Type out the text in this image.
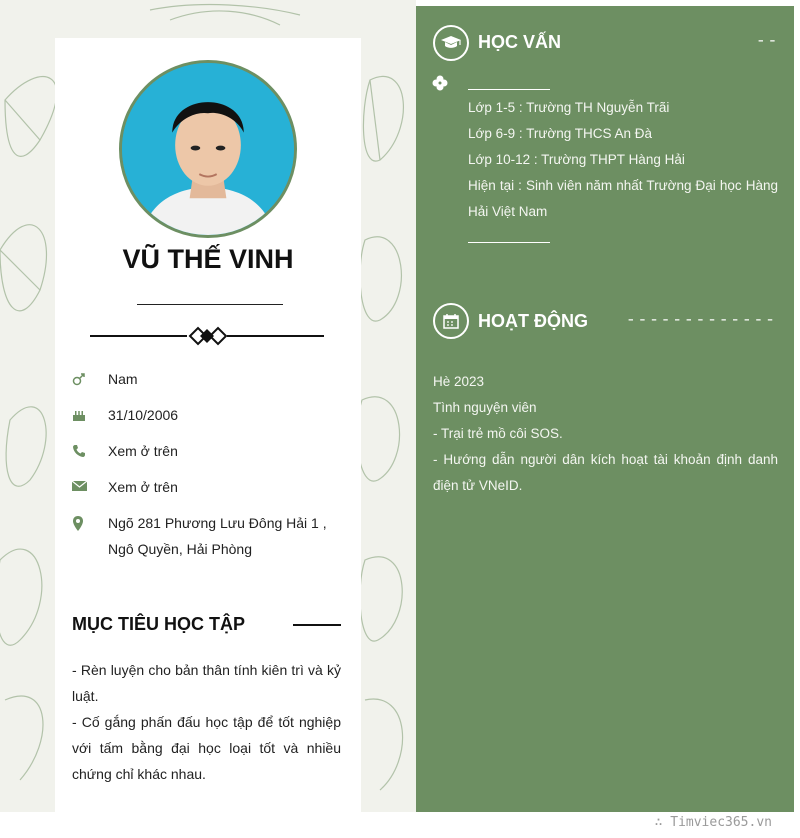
VŨ THẾ VINH
Nam
31/10/2006
Xem ở trên
Xem ở trên
Ngõ 281 Phương Lưu Đông Hải 1 , Ngô Quyền, Hải Phòng
MỤC TIÊU HỌC TẬP
- Rèn luyện cho bản thân tính kiên trì và kỷ luật.
- Cố gắng phấn đấu học tập để tốt nghiệp với tấm bằng đại học loại tốt và nhiều chứng chỉ khác nhau.
HỌC VẤN	--
Lớp 1-5 : Trường TH Nguyễn Trãi
Lớp 6-9 : Trường THCS An Đà
Lớp 10-12 : Trường THPT Hàng Hải
Hiện tại : Sinh viên năm nhất Trường Đại học Hàng Hải Việt Nam
HOẠT ĐỘNG -------------
Hè 2023
Tình nguyện viên
- Trại trẻ mồ côi SOS.
- Hướng dẫn người dân kích hoạt tài khoản định danh điện tử VNeID.
∴ Timviec365.vn
